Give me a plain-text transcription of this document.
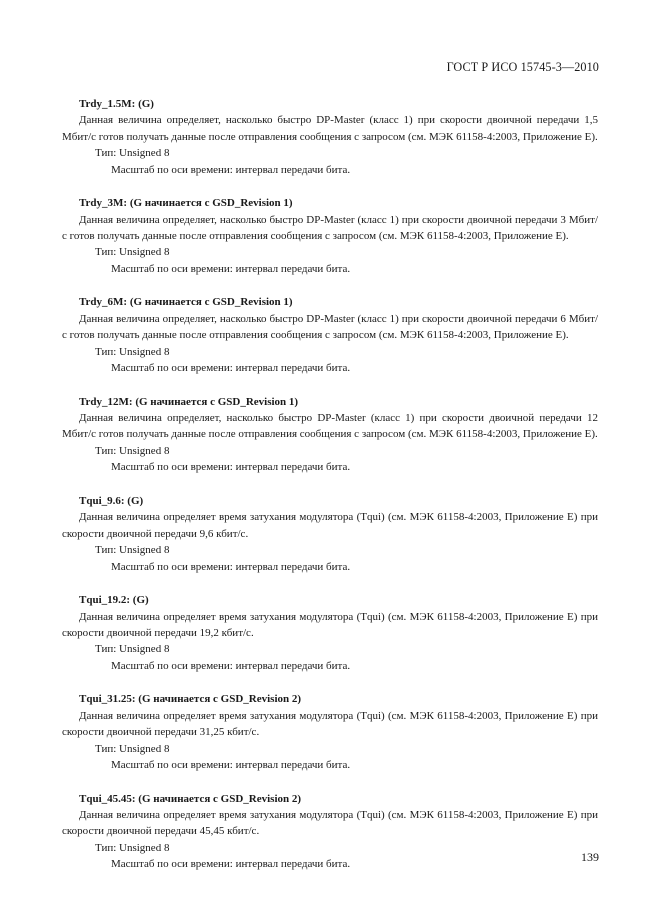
ГОСТ Р ИСО 15745-3—2010
Trdy_1.5M: (G)

Данная величина определяет, насколько быстро DP-Master (класс 1) при скорости двоичной передачи 1,5 Мбит/с готов получать данные после отправления сообщения с запросом (см. МЭК 61158-4:2003, Приложение Е).

Тип: Unsigned 8
Масштаб по оси времени: интервал передачи бита.
Trdy_3M: (G начинается с GSD_Revision 1)

Данная величина определяет, насколько быстро DP-Master (класс 1) при скорости двоичной передачи 3 Мбит/с готов получать данные после отправления сообщения с запросом (см. МЭК 61158-4:2003, Приложение Е).

Тип: Unsigned 8
Масштаб по оси времени: интервал передачи бита.
Trdy_6M: (G начинается с GSD_Revision 1)

Данная величина определяет, насколько быстро DP-Master (класс 1) при скорости двоичной передачи 6 Мбит/с готов получать данные после отправления сообщения с запросом (см. МЭК 61158-4:2003, Приложение Е).

Тип: Unsigned 8
Масштаб по оси времени: интервал передачи бита.
Trdy_12M: (G начинается с GSD_Revision 1)

Данная величина определяет, насколько быстро DP-Master (класс 1) при скорости двоичной передачи 12 Мбит/с готов получать данные после отправления сообщения с запросом (см. МЭК 61158-4:2003, Приложение Е).

Тип: Unsigned 8
Масштаб по оси времени: интервал передачи бита.
Tqui_9.6: (G)

Данная величина определяет время затухания модулятора (Tqui) (см. МЭК 61158-4:2003, Приложение Е) при скорости двоичной передачи 9,6 кбит/с.

Тип: Unsigned 8
Масштаб по оси времени: интервал передачи бита.
Tqui_19.2: (G)

Данная величина определяет время затухания модулятора (Tqui) (см. МЭК 61158-4:2003, Приложение Е) при скорости двоичной передачи 19,2 кбит/с.

Тип: Unsigned 8
Масштаб по оси времени: интервал передачи бита.
Tqui_31.25: (G начинается с GSD_Revision 2)

Данная величина определяет время затухания модулятора (Tqui) (см. МЭК 61158-4:2003, Приложение Е) при скорости двоичной передачи 31,25 кбит/с.

Тип: Unsigned 8
Масштаб по оси времени: интервал передачи бита.
Tqui_45.45: (G начинается с GSD_Revision 2)

Данная величина определяет время затухания модулятора (Tqui) (см. МЭК 61158-4:2003, Приложение Е) при скорости двоичной передачи 45,45 кбит/с.

Тип: Unsigned 8
Масштаб по оси времени: интервал передачи бита.
139
